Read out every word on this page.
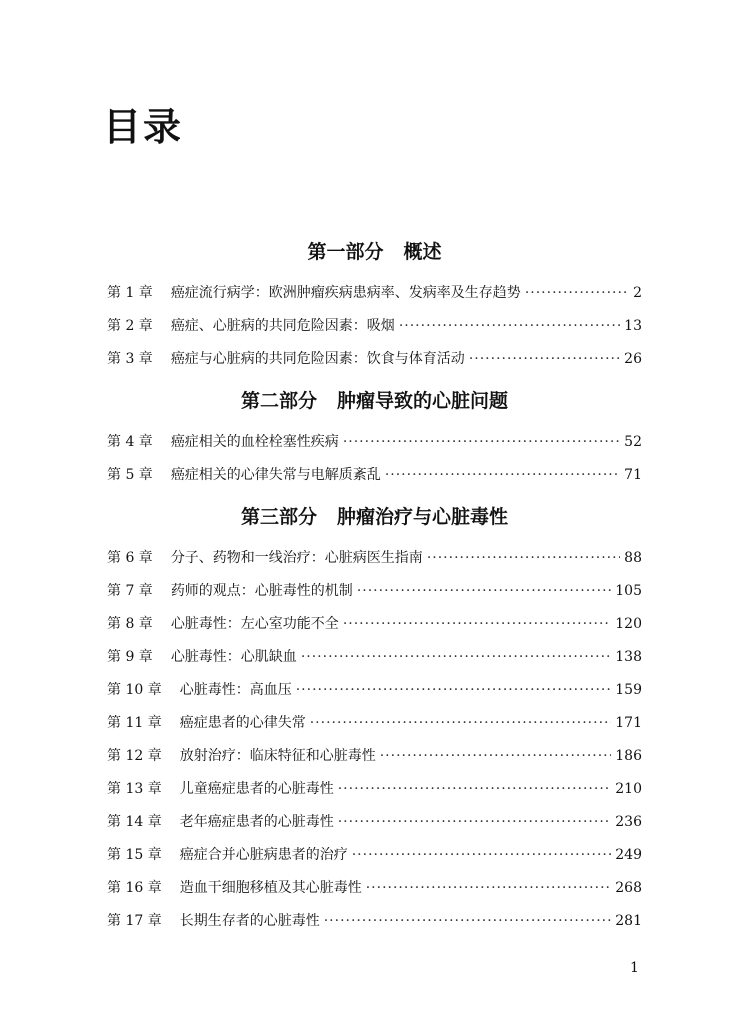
目录
第一部分 概述
第 1 章 癌症流行病学：欧洲肿瘤疾病患病率、发病率及生存趋势 ·····	2
第 2 章 癌症、心脏病的共同危险因素：吸烟 ·····	13
第 3 章 癌症与心脏病的共同危险因素：饮食与体育活动 ·····	26
第二部分 肿瘤导致的心脏问题
第 4 章 癌症相关的血栓栓塞性疾病 ·····	52
第 5 章 癌症相关的心律失常与电解质紊乱 ·····	71
第三部分 肿瘤治疗与心脏毒性
第 6 章 分子、药物和一线治疗：心脏病医生指南 ·····	88
第 7 章 药师的观点：心脏毒性的机制 ·····	105
第 8 章 心脏毒性：左心室功能不全 ·····	120
第 9 章 心脏毒性：心肌缺血 ·····	138
第 10 章 心脏毒性：高血压 ·····	159
第 11 章 癌症患者的心律失常 ·····	171
第 12 章 放射治疗：临床特征和心脏毒性 ·····	186
第 13 章 儿童癌症患者的心脏毒性 ·····	210
第 14 章 老年癌症患者的心脏毒性 ·····	236
第 15 章 癌症合并心脏病患者的治疗 ·····	249
第 16 章 造血干细胞移植及其心脏毒性 ·····	268
第 17 章 长期生存者的心脏毒性 ·····	281
1
